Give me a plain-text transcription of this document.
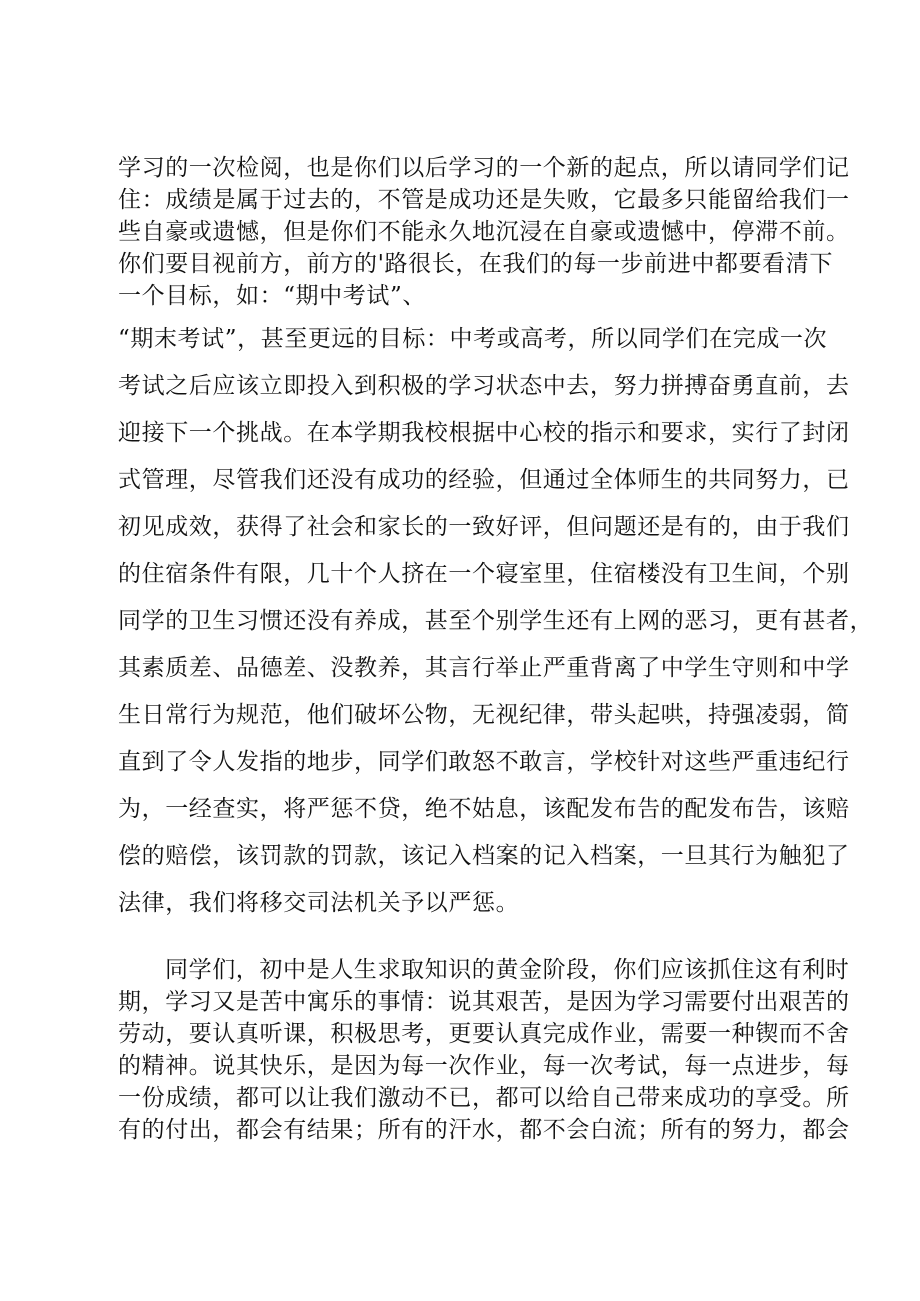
学习的一次检阅，也是你们以后学习的一个新的起点，所以请同学们记
住：成绩是属于过去的，不管是成功还是失败，它最多只能留给我们一
些自豪或遗憾，但是你们不能永久地沉浸在自豪或遗憾中，停滞不前。
你们要目视前方，前方的'路很长，在我们的每一步前进中都要看清下
一个目标，如：“期中考试”、
“期末考试”，甚至更远的目标：中考或高考，所以同学们在完成一次
考试之后应该立即投入到积极的学习状态中去，努力拼搏奋勇直前，去
迎接下一个挑战。在本学期我校根据中心校的指示和要求，实行了封闭
式管理，尽管我们还没有成功的经验，但通过全体师生的共同努力，已
初见成效，获得了社会和家长的一致好评，但问题还是有的，由于我们
的住宿条件有限，几十个人挤在一个寝室里，住宿楼没有卫生间，个别
同学的卫生习惯还没有养成，甚至个别学生还有上网的恶习，更有甚者，
其素质差、品德差、没教养，其言行举止严重背离了中学生守则和中学
生日常行为规范，他们破坏公物，无视纪律，带头起哄，持强凌弱，简
直到了令人发指的地步，同学们敢怒不敢言，学校针对这些严重违纪行
为，一经查实，将严惩不贷，绝不姑息，该配发布告的配发布告，该赔
偿的赔偿，该罚款的罚款，该记入档案的记入档案，一旦其行为触犯了
法律，我们将移交司法机关予以严惩。
同学们，初中是人生求取知识的黄金阶段，你们应该抓住这有利时
期，学习又是苦中寓乐的事情：说其艰苦，是因为学习需要付出艰苦的
劳动，要认真听课，积极思考，更要认真完成作业，需要一种锲而不舍
的精神。说其快乐，是因为每一次作业，每一次考试，每一点进步，每
一份成绩，都可以让我们激动不已，都可以给自己带来成功的享受。所
有的付出，都会有结果；所有的汗水，都不会白流；所有的努力，都会
